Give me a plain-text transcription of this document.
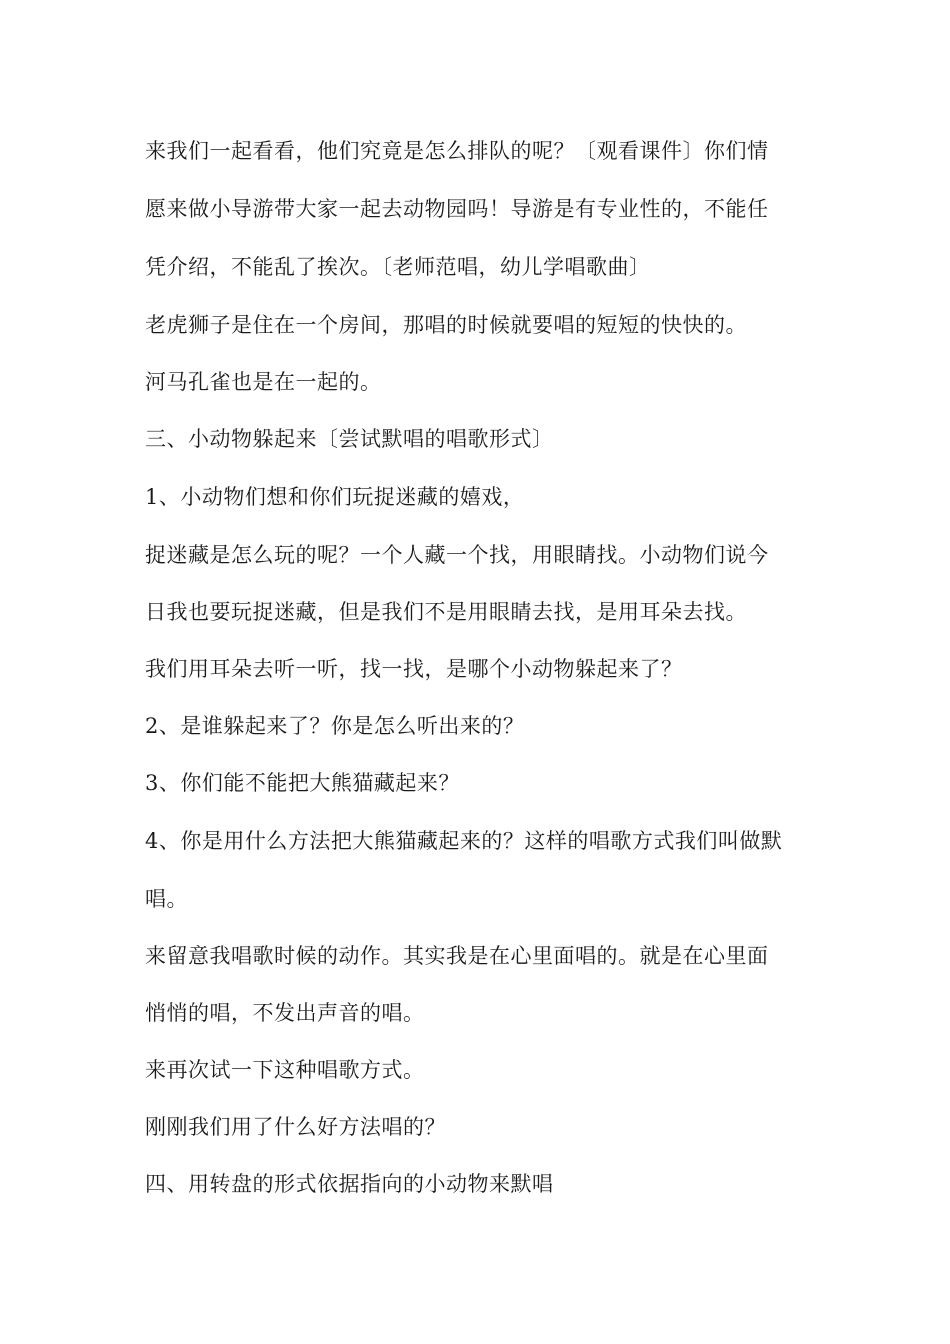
来我们一起看看，他们究竟是怎么排队的呢？〔观看课件〕你们情
愿来做小导游带大家一起去动物园吗！导游是有专业性的，不能任
凭介绍，不能乱了挨次。〔老师范唱，幼儿学唱歌曲〕
老虎狮子是住在一个房间，那唱的时候就要唱的短短的快快的。
河马孔雀也是在一起的。
三、小动物躲起来〔尝试默唱的唱歌形式〕
1、小动物们想和你们玩捉迷藏的嬉戏，
捉迷藏是怎么玩的呢？一个人藏一个找，用眼睛找。小动物们说今
日我也要玩捉迷藏，但是我们不是用眼睛去找，是用耳朵去找。
我们用耳朵去听一听，找一找，是哪个小动物躲起来了？
2、是谁躲起来了？你是怎么听出来的？
3、你们能不能把大熊猫藏起来？
4、你是用什么方法把大熊猫藏起来的？这样的唱歌方式我们叫做默
唱。
来留意我唱歌时候的动作。其实我是在心里面唱的。就是在心里面
悄悄的唱，不发出声音的唱。
来再次试一下这种唱歌方式。
刚刚我们用了什么好方法唱的？
四、用转盘的形式依据指向的小动物来默唱
